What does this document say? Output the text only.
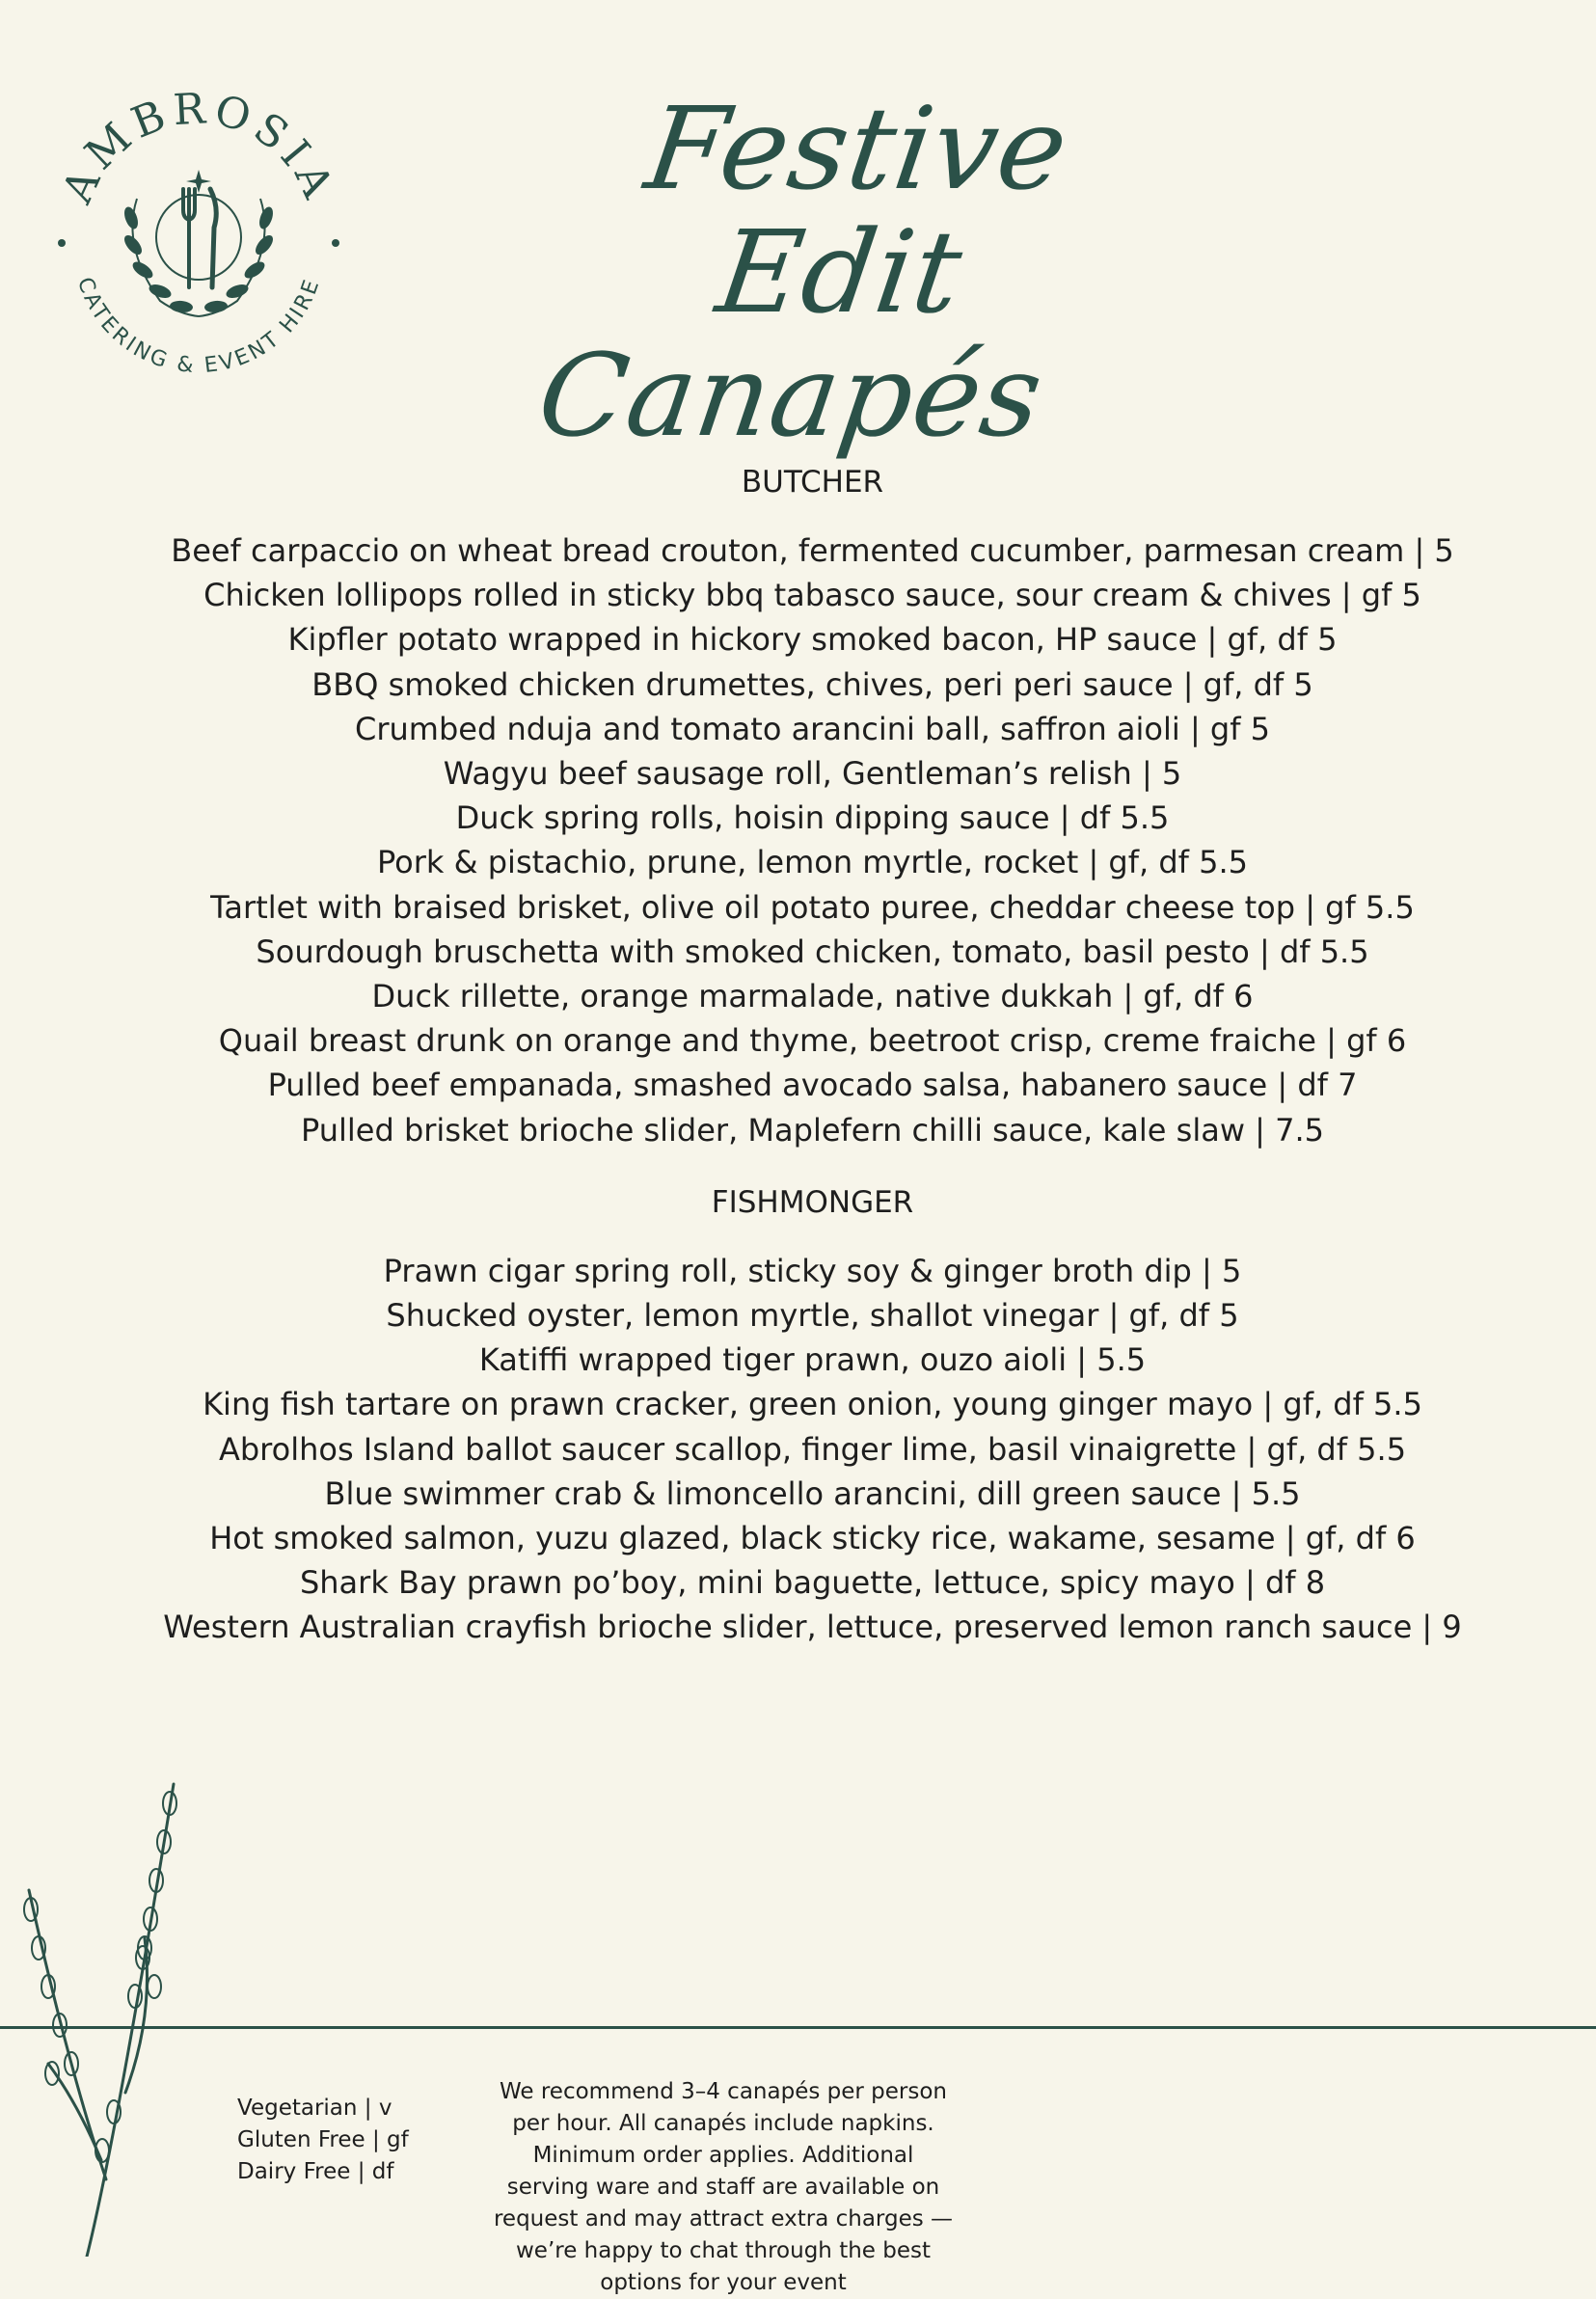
AMBROSIA
CATERING & EVENT HIRE
Festive Edit
Canapés
BUTCHER
Beef carpaccio on wheat bread crouton, fermented cucumber, parmesan cream | 5
Chicken lollipops rolled in sticky bbq tabasco sauce, sour cream & chives | gf 5
Kipfler potato wrapped in hickory smoked bacon, HP sauce | gf, df 5
BBQ smoked chicken drumettes, chives, peri peri sauce | gf, df 5
Crumbed nduja and tomato arancini ball, saffron aioli | gf 5
Wagyu beef sausage roll, Gentleman’s relish | 5
Duck spring rolls, hoisin dipping sauce | df 5.5
Pork & pistachio, prune, lemon myrtle, rocket | gf, df 5.5
Tartlet with braised brisket, olive oil potato puree, cheddar cheese top | gf 5.5
Sourdough bruschetta with smoked chicken, tomato, basil pesto | df 5.5
Duck rillette, orange marmalade, native dukkah | gf, df 6
Quail breast drunk on orange and thyme, beetroot crisp, creme fraiche | gf 6
Pulled beef empanada, smashed avocado salsa, habanero sauce | df 7
Pulled brisket brioche slider, Maplefern chilli sauce, kale slaw | 7.5
FISHMONGER
Prawn cigar spring roll, sticky soy & ginger broth dip | 5
Shucked oyster, lemon myrtle, shallot vinegar | gf, df 5
Katiffi wrapped tiger prawn, ouzo aioli | 5.5
King fish tartare on prawn cracker, green onion, young ginger mayo | gf, df 5.5
Abrolhos Island ballot saucer scallop, finger lime, basil vinaigrette | gf, df 5.5
Blue swimmer crab & limoncello arancini, dill green sauce | 5.5
Hot smoked salmon, yuzu glazed, black sticky rice, wakame, sesame | gf, df 6
Shark Bay prawn po’boy, mini baguette, lettuce, spicy mayo | df 8
Western Australian crayfish brioche slider, lettuce, preserved lemon ranch sauce | 9
Vegetarian | v
Gluten Free | gf
Dairy Free | df
We recommend 3–4 canapés per person per hour. All canapés include napkins. Minimum order applies. Additional serving ware and staff are available on request and may attract extra charges — we’re happy to chat through the best options for your event
